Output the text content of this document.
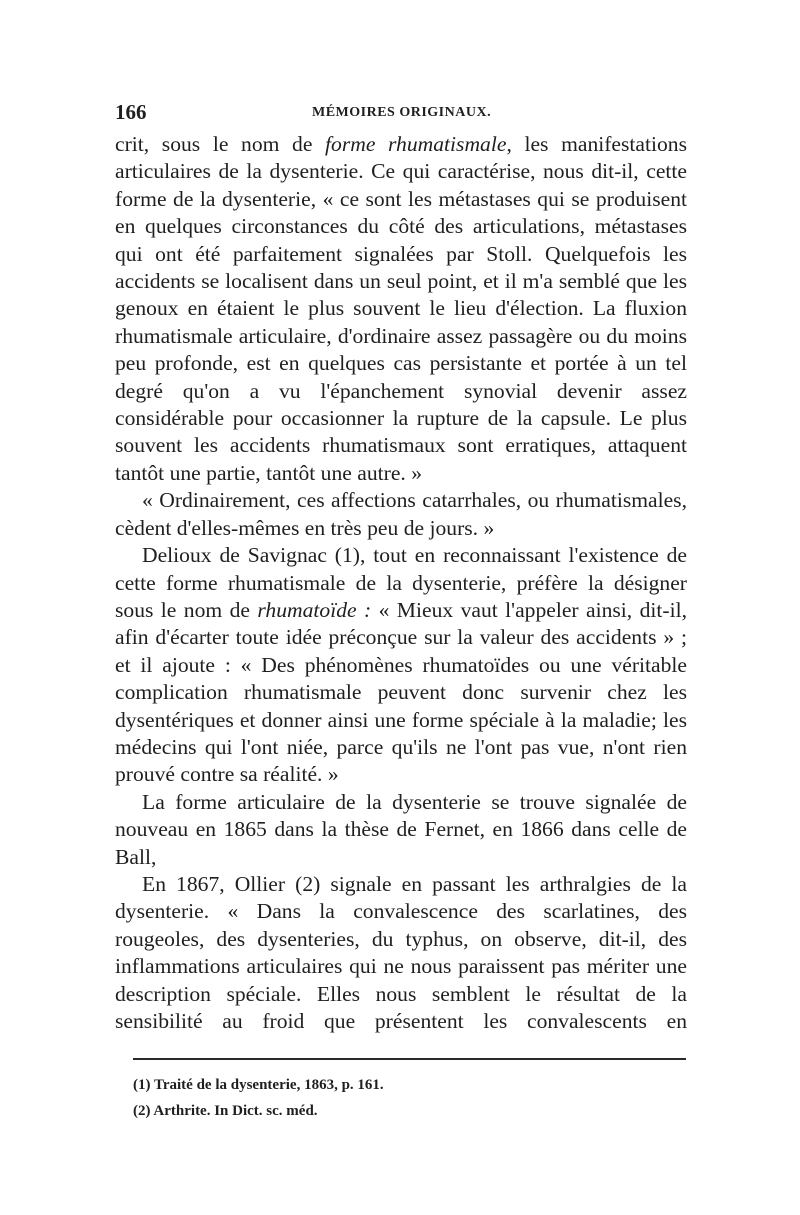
166	MÉMOIRES ORIGINAUX.

crit, sous le nom de forme rhumatismale, les manifestations articulaires de la dysenterie. Ce qui caractérise, nous dit-il, cette forme de la dysenterie, « ce sont les métastases qui se produisent en quelques circonstances du côté des articulations, métastases qui ont été parfaitement signalées par Stoll. Quelquefois les accidents se localisent dans un seul point, et il m'a semblé que les genoux en étaient le plus souvent le lieu d'élection. La fluxion rhumatismale articulaire, d'ordinaire assez passagère ou du moins peu profonde, est en quelques cas persistante et portée à un tel degré qu'on a vu l'épanchement synovial devenir assez considérable pour occasionner la rupture de la capsule. Le plus souvent les accidents rhumatismaux sont erratiques, attaquent tantôt une partie, tantôt une autre. »

« Ordinairement, ces affections catarrhales, ou rhumatismales, cèdent d'elles-mêmes en très peu de jours. »

Delioux de Savignac (1), tout en reconnaissant l'existence de cette forme rhumatismale de la dysenterie, préfère la désigner sous le nom de rhumatoïde : « Mieux vaut l'appeler ainsi, dit-il, afin d'écarter toute idée préconçue sur la valeur des accidents » ; et il ajoute : « Des phénomènes rhumatoïdes ou une véritable complication rhumatismale peuvent donc survenir chez les dysentériques et donner ainsi une forme spéciale à la maladie; les médecins qui l'ont niée, parce qu'ils ne l'ont pas vue, n'ont rien prouvé contre sa réalité. »

La forme articulaire de la dysenterie se trouve signalée de nouveau en 1865 dans la thèse de Fernet, en 1866 dans celle de Ball,

En 1867, Ollier (2) signale en passant les arthralgies de la dysenterie. « Dans la convalescence des scarlatines, des rougeoles, des dysenteries, du typhus, on observe, dit-il, des inflammations articulaires qui ne nous paraissent pas mériter une description spéciale. Elles nous semblent le résultat de la sensibilité au froid que présentent les convalescents en

(1) Traité de la dysenterie, 1863, p. 161.

(2) Arthrite. In Dict. sc. méd.
